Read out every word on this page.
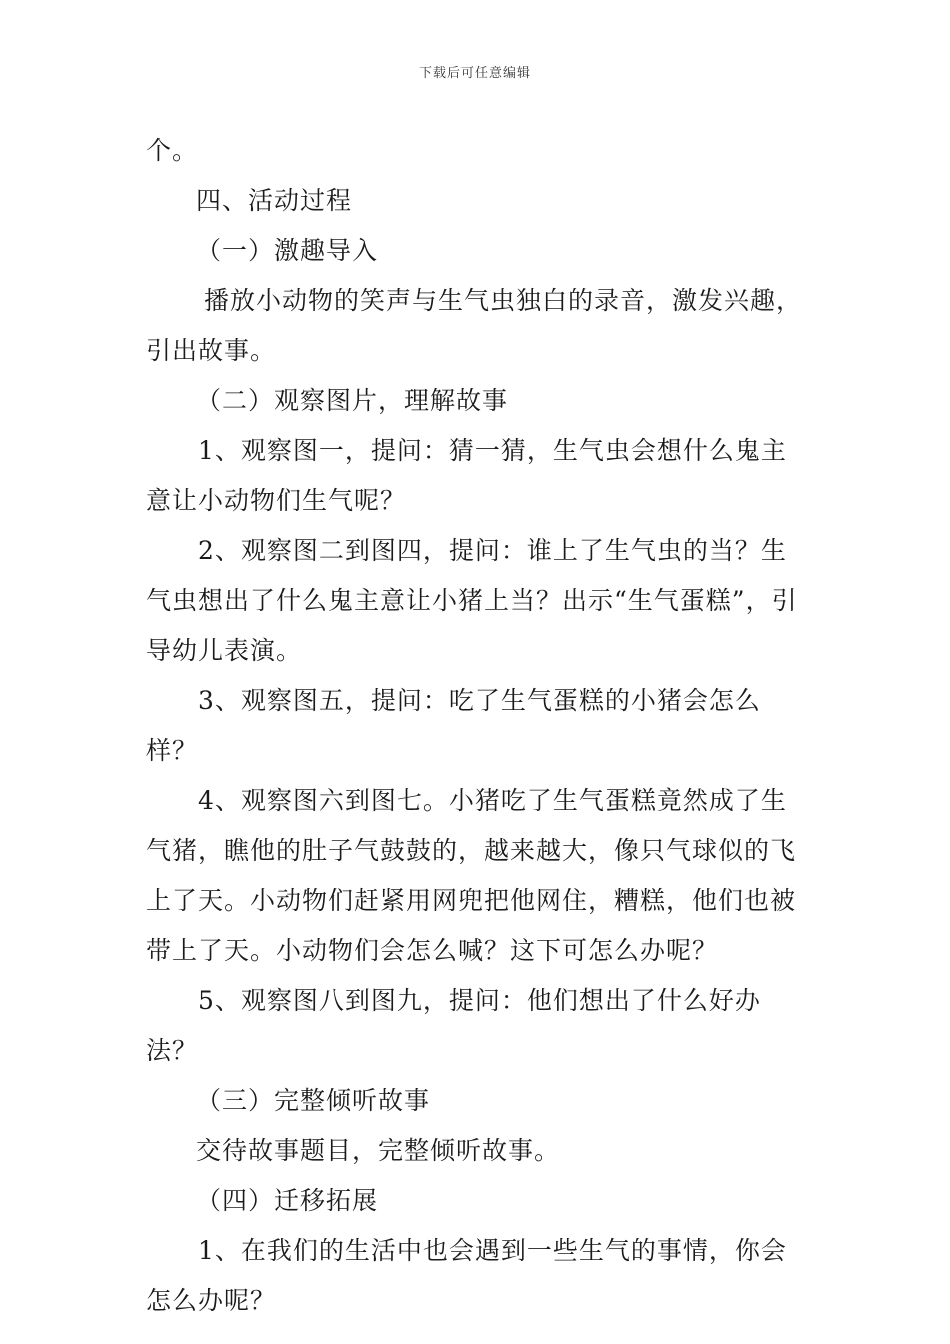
下载后可任意编辑

个。

四、活动过程

（一）激趣导入

播放小动物的笑声与生气虫独白的录音，激发兴趣，引出故事。

（二）观察图片，理解故事

1、观察图一，提问：猜一猜，生气虫会想什么鬼主意让小动物们生气呢？

2、观察图二到图四，提问：谁上了生气虫的当？生气虫想出了什么鬼主意让小猪上当？出示“生气蛋糕”，引导幼儿表演。

3、观察图五，提问：吃了生气蛋糕的小猪会怎么样？

4、观察图六到图七。小猪吃了生气蛋糕竟然成了生气猪，瞧他的肚子气鼓鼓的，越来越大，像只气球似的飞上了天。小动物们赶紧用网兜把他网住，糟糕，他们也被带上了天。小动物们会怎么喊？这下可怎么办呢？

5、观察图八到图九，提问：他们想出了什么好办法？

（三）完整倾听故事

交待故事题目，完整倾听故事。

（四）迁移拓展

1、在我们的生活中也会遇到一些生气的事情，你会怎么办呢？
